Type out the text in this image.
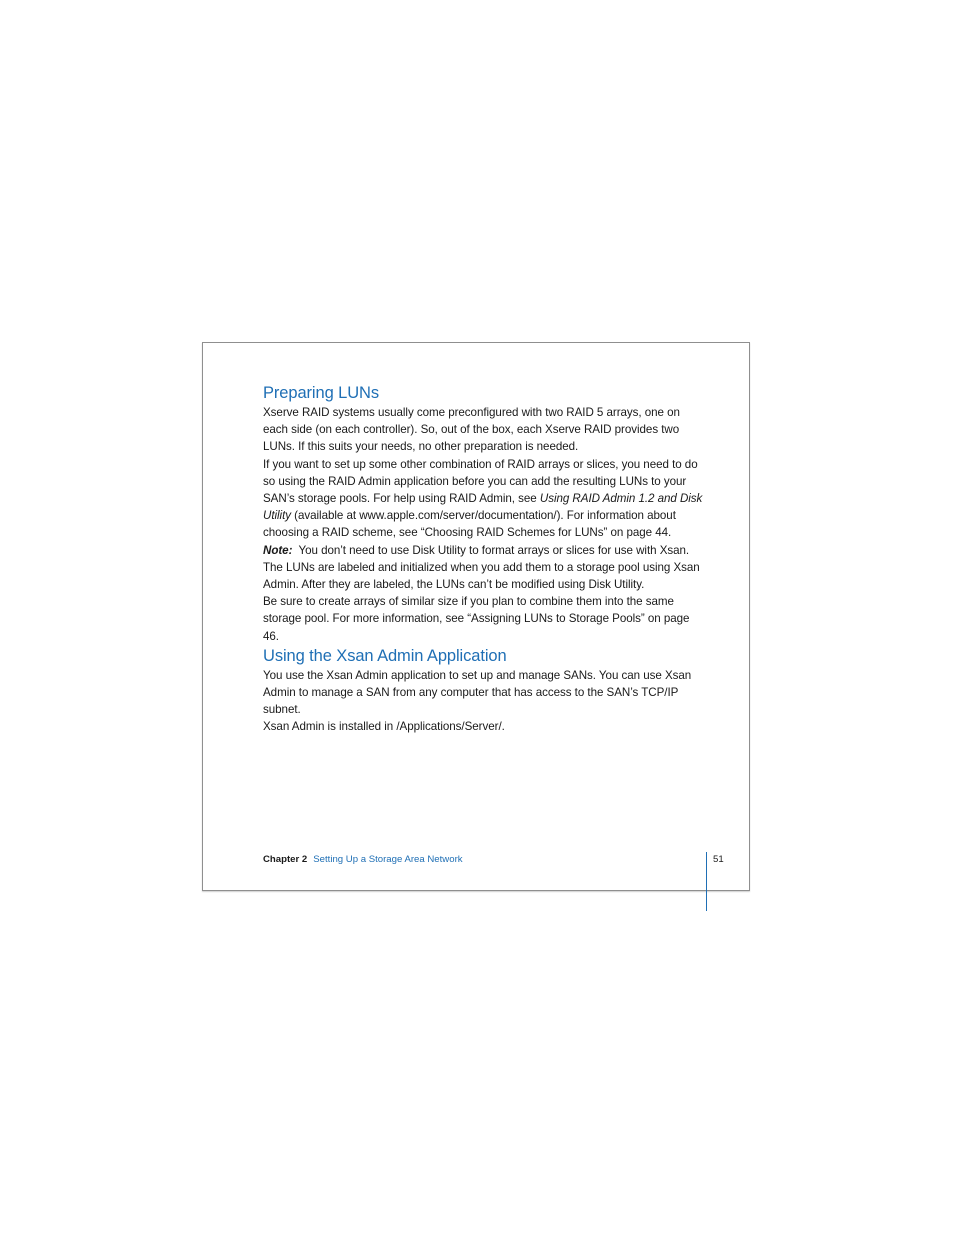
Preparing LUNs

Xserve RAID systems usually come preconfigured with two RAID 5 arrays, one on each side (on each controller). So, out of the box, each Xserve RAID provides two LUNs. If this suits your needs, no other preparation is needed.

If you want to set up some other combination of RAID arrays or slices, you need to do so using the RAID Admin application before you can add the resulting LUNs to your SAN’s storage pools. For help using RAID Admin, see Using RAID Admin 1.2 and Disk Utility (available at www.apple.com/server/documentation/). For information about choosing a RAID scheme, see “Choosing RAID Schemes for LUNs” on page 44.

Note:  You don’t need to use Disk Utility to format arrays or slices for use with Xsan. The LUNs are labeled and initialized when you add them to a storage pool using Xsan Admin. After they are labeled, the LUNs can’t be modified using Disk Utility.

Be sure to create arrays of similar size if you plan to combine them into the same storage pool. For more information, see “Assigning LUNs to Storage Pools” on page 46.

Using the Xsan Admin Application

You use the Xsan Admin application to set up and manage SANs. You can use Xsan Admin to manage a SAN from any computer that has access to the SAN’s TCP/IP subnet.

Xsan Admin is installed in /Applications/Server/.

Chapter 2 Setting Up a Storage Area Network	51
